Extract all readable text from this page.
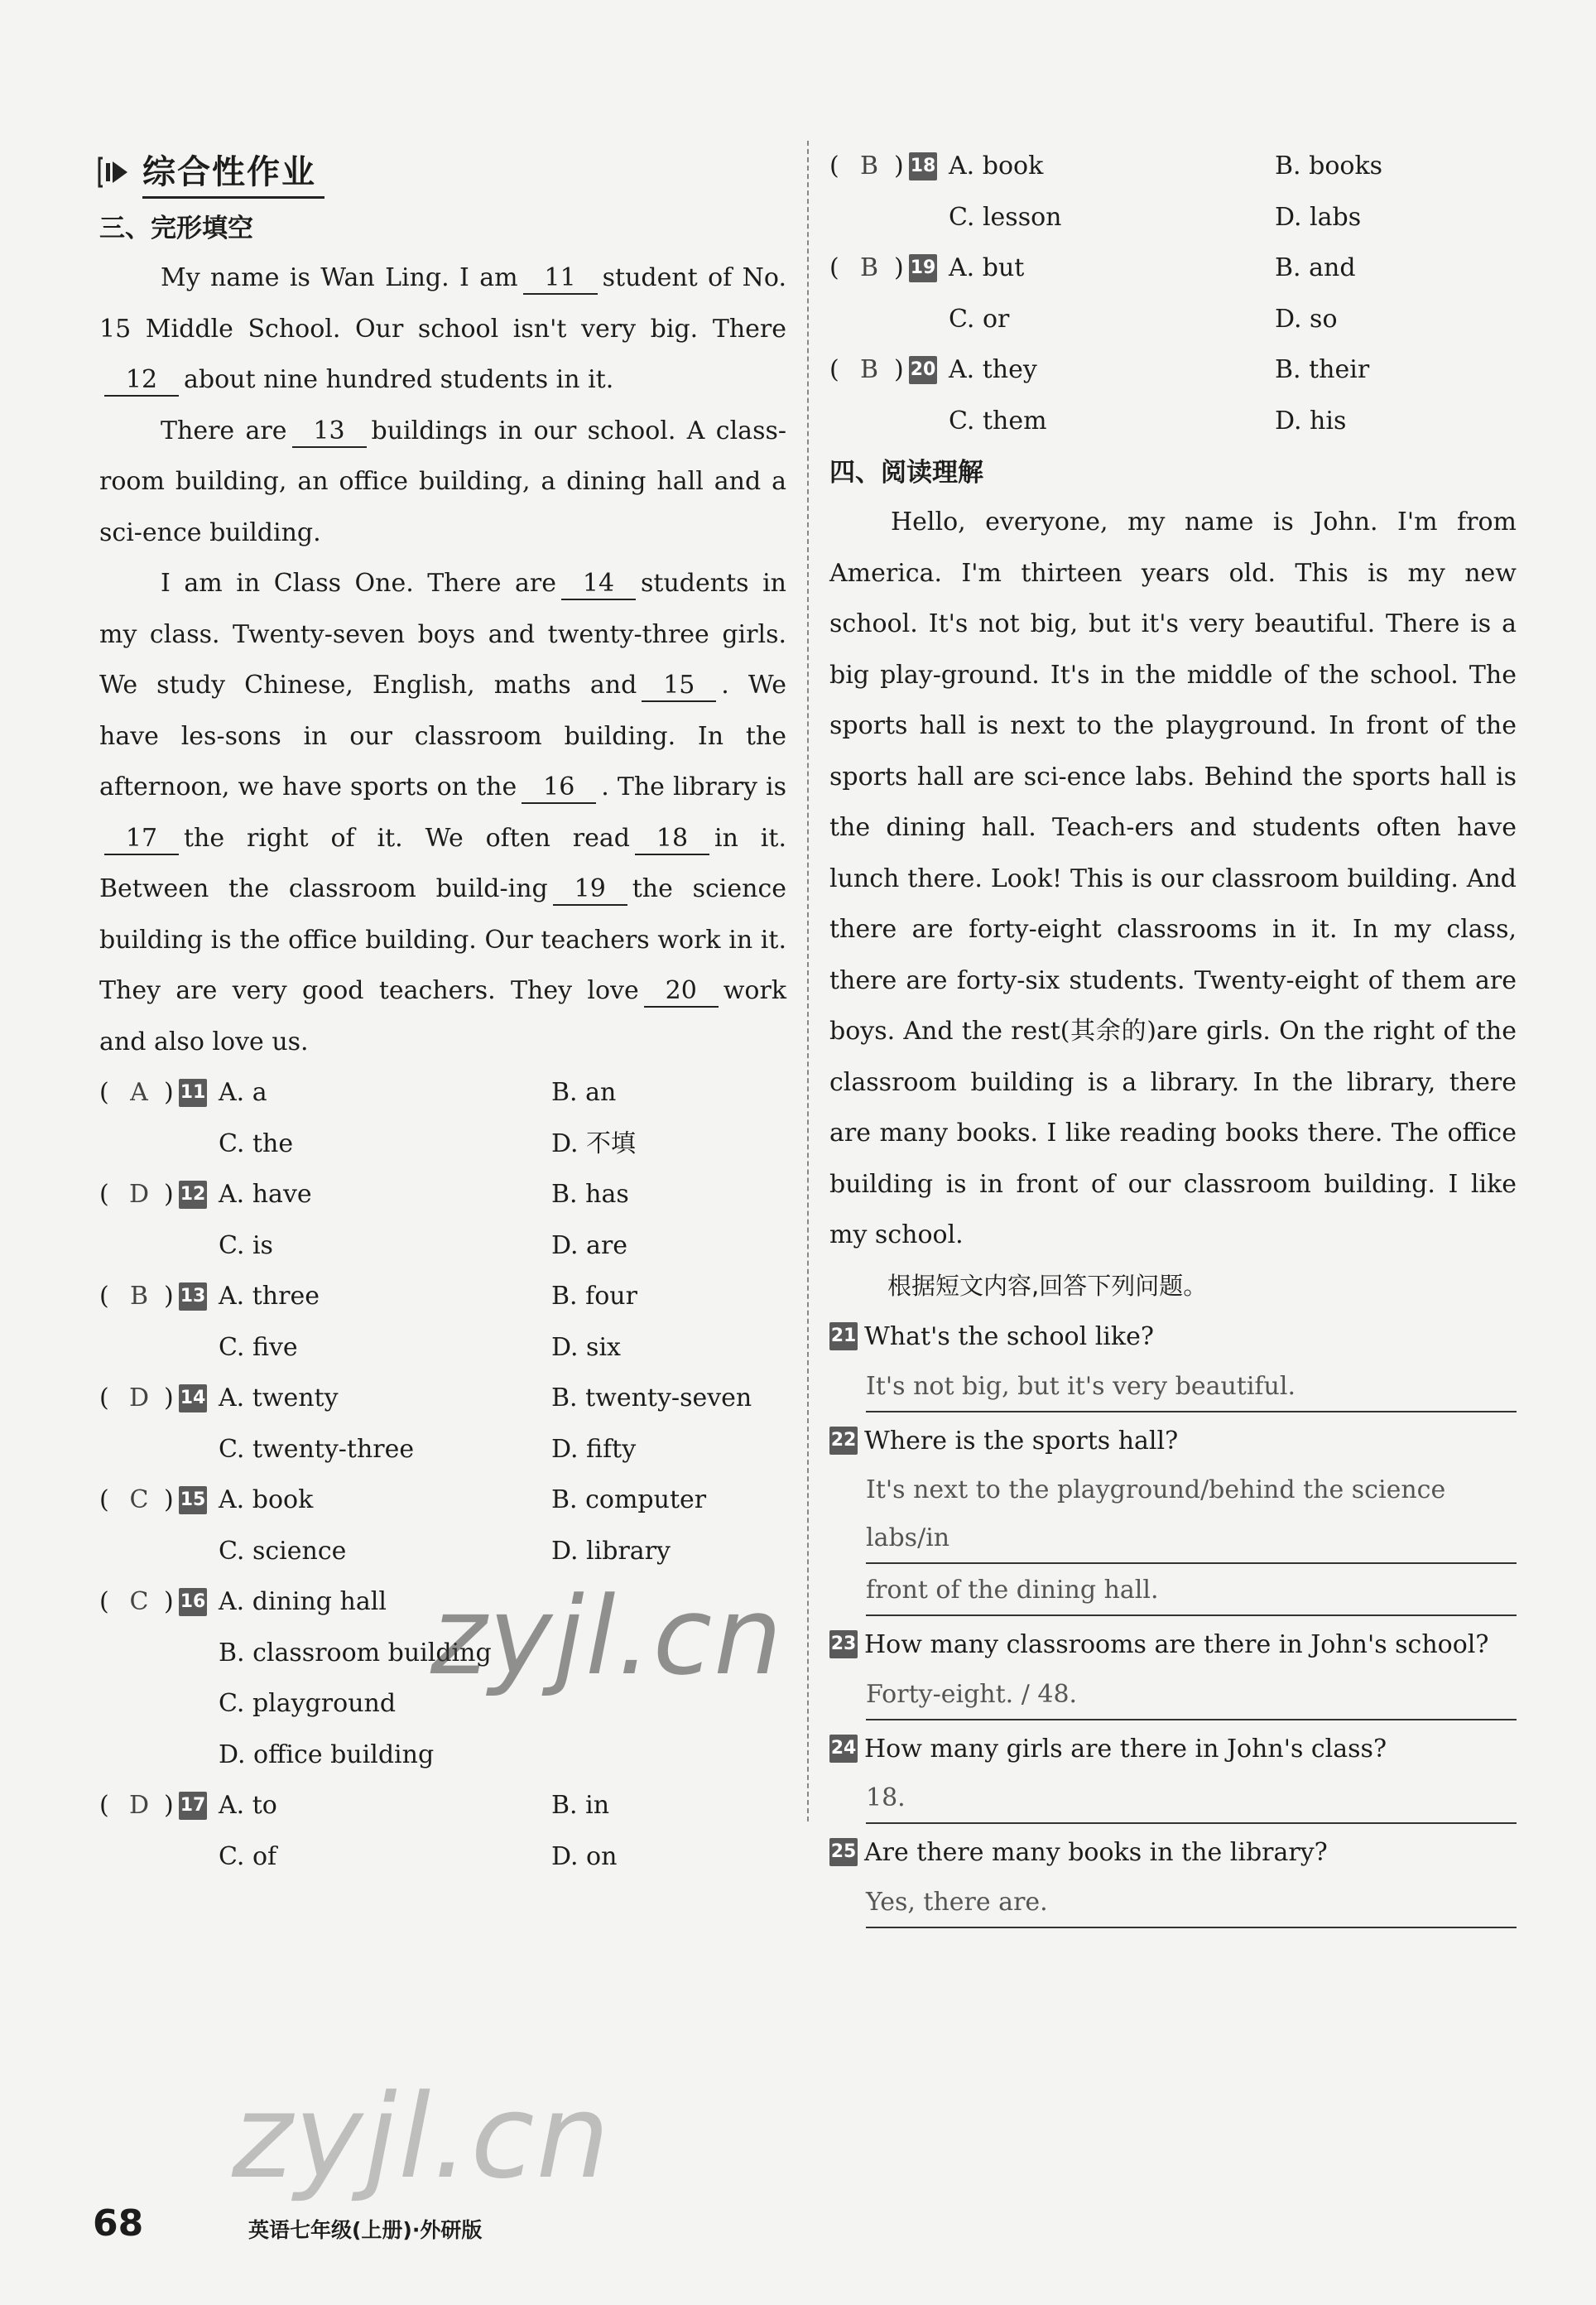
综合性作业
三、完形填空

My name is Wan Ling. I am 11 student of No. 15 Middle School. Our school isn't very big. There12 about nine hundred students in it.

There are 13 buildings in our school. A class-room building, an office building, a dining hall and a sci-ence building.

I am in Class One. There are 14 students in my class. Twenty-seven boys and twenty-three girls. We study Chinese, English, maths and 15 . We have les-sons in our classroom building. In the afternoon, we have sports on the 16 . The library is17 the right of it. We often read 18 in it. Between the classroom build-ing 19 the science building is the office building. Our teachers work in it. They are very good teachers. They love 20 work and also love us.

( A ) 11 A. a	B. an
C. the	D. 不填
( D ) 12 A. have	B. has
C. is	D. are
( B ) 13 A. three	B. four
C. five	D. six
( D ) 14 A. twenty	B. twenty-seven
C. twenty-three	D. fifty
( C ) 15 A. book	B. computer
C. science	D. library
( C ) 16 A. dining hall
B. classroom building
C. playground
D. office building
( D ) 17 A. to	B. in
C. of	D. on
( B ) 18 A. book	B. books
C. lesson	D. labs
( B ) 19 A. but	B. and
C. or	D. so
( B ) 20 A. they	B. their
C. them	D. his
四、阅读理解

Hello, everyone, my name is John. I'm from America. I'm thirteen years old. This is my new school. It's not big, but it's very beautiful. There is a big play-ground. It's in the middle of the school. The sports hall is next to the playground. In front of the sports hall are sci-ence labs. Behind the sports hall is the dining hall. Teach-ers and students often have lunch there. Look! This is our classroom building. And there are forty-eight classrooms in it. In my class, there are forty-six students. Twenty-eight of them are boys. And the rest(其余的)are girls. On the right of the classroom building is a library. In the library, there are many books. I like reading books there. The office building is in front of our classroom building. I like my school.

根据短文内容,回答下列问题。
21 What's the school like?
It's not big, but it's very beautiful.
22 Where is the sports hall?
It's next to the playground/behind the science labs/in
front of the dining hall.
23 How many classrooms are there in John's school?
Forty-eight. / 48.
24 How many girls are there in John's class?
18.
25 Are there many books in the library?
Yes, there are.
zyjl.cn
zyjl.cn
68	英语七年级(上册)·外研版
